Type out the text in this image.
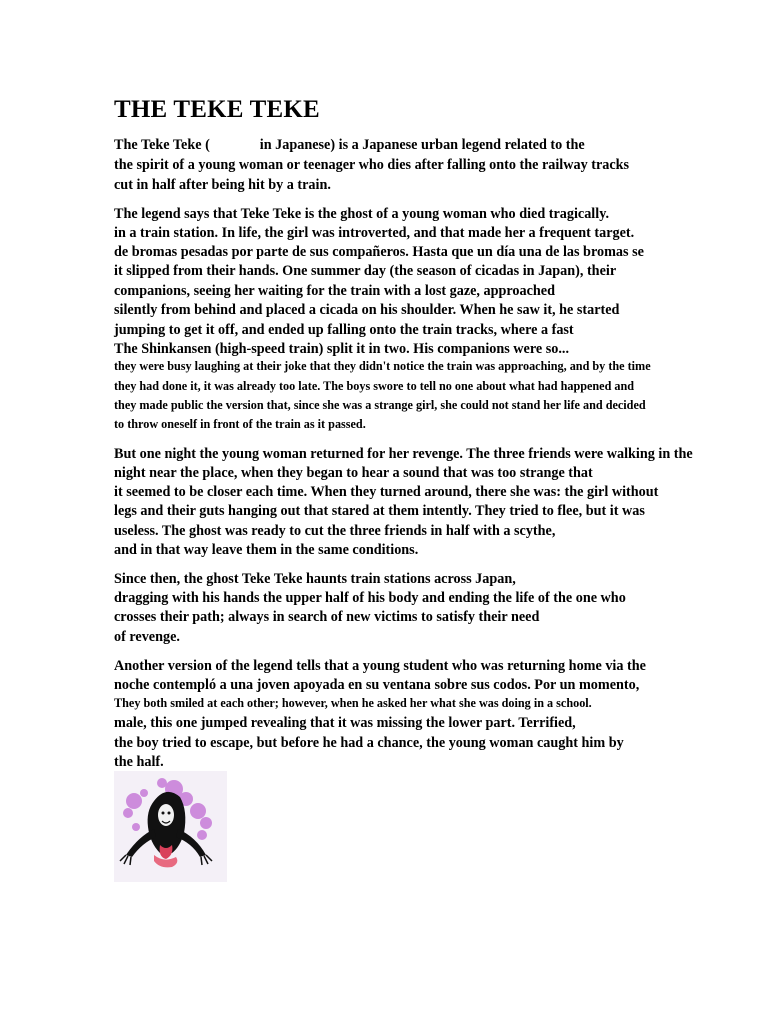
THE TEKE TEKE
The Teke Teke (	in Japanese) is a Japanese urban legend related to the
the spirit of a young woman or teenager who dies after falling onto the railway tracks
cut in half after being hit by a train.
The legend says that Teke Teke is the ghost of a young woman who died tragically.
in a train station. In life, the girl was introverted, and that made her a frequent target.
de bromas pesadas por parte de sus compañeros. Hasta que un día una de las bromas se
it slipped from their hands. One summer day (the season of cicadas in Japan), their
companions, seeing her waiting for the train with a lost gaze, approached
silently from behind and placed a cicada on his shoulder. When he saw it, he started
jumping to get it off, and ended up falling onto the train tracks, where a fast
The Shinkansen (high-speed train) split it in two. His companions were so...
they were busy laughing at their joke that they didn't notice the train was approaching, and by the time
they had done it, it was already too late. The boys swore to tell no one about what had happened and
they made public the version that, since she was a strange girl, she could not stand her life and decided
to throw oneself in front of the train as it passed.
But one night the young woman returned for her revenge. The three friends were walking in the
night near the place, when they began to hear a sound that was too strange that
it seemed to be closer each time. When they turned around, there she was: the girl without
legs and their guts hanging out that stared at them intently. They tried to flee, but it was
useless. The ghost was ready to cut the three friends in half with a scythe,
and in that way leave them in the same conditions.
Since then, the ghost Teke Teke haunts train stations across Japan,
dragging with his hands the upper half of his body and ending the life of the one who
crosses their path; always in search of new victims to satisfy their need
of revenge.
Another version of the legend tells that a young student who was returning home via the
noche contempló a una joven apoyada en su ventana sobre sus codos. Por un momento,
They both smiled at each other; however, when he asked her what she was doing in a school.
male, this one jumped revealing that it was missing the lower part. Terrified,
the boy tried to escape, but before he had a chance, the young woman caught him by
the half.
